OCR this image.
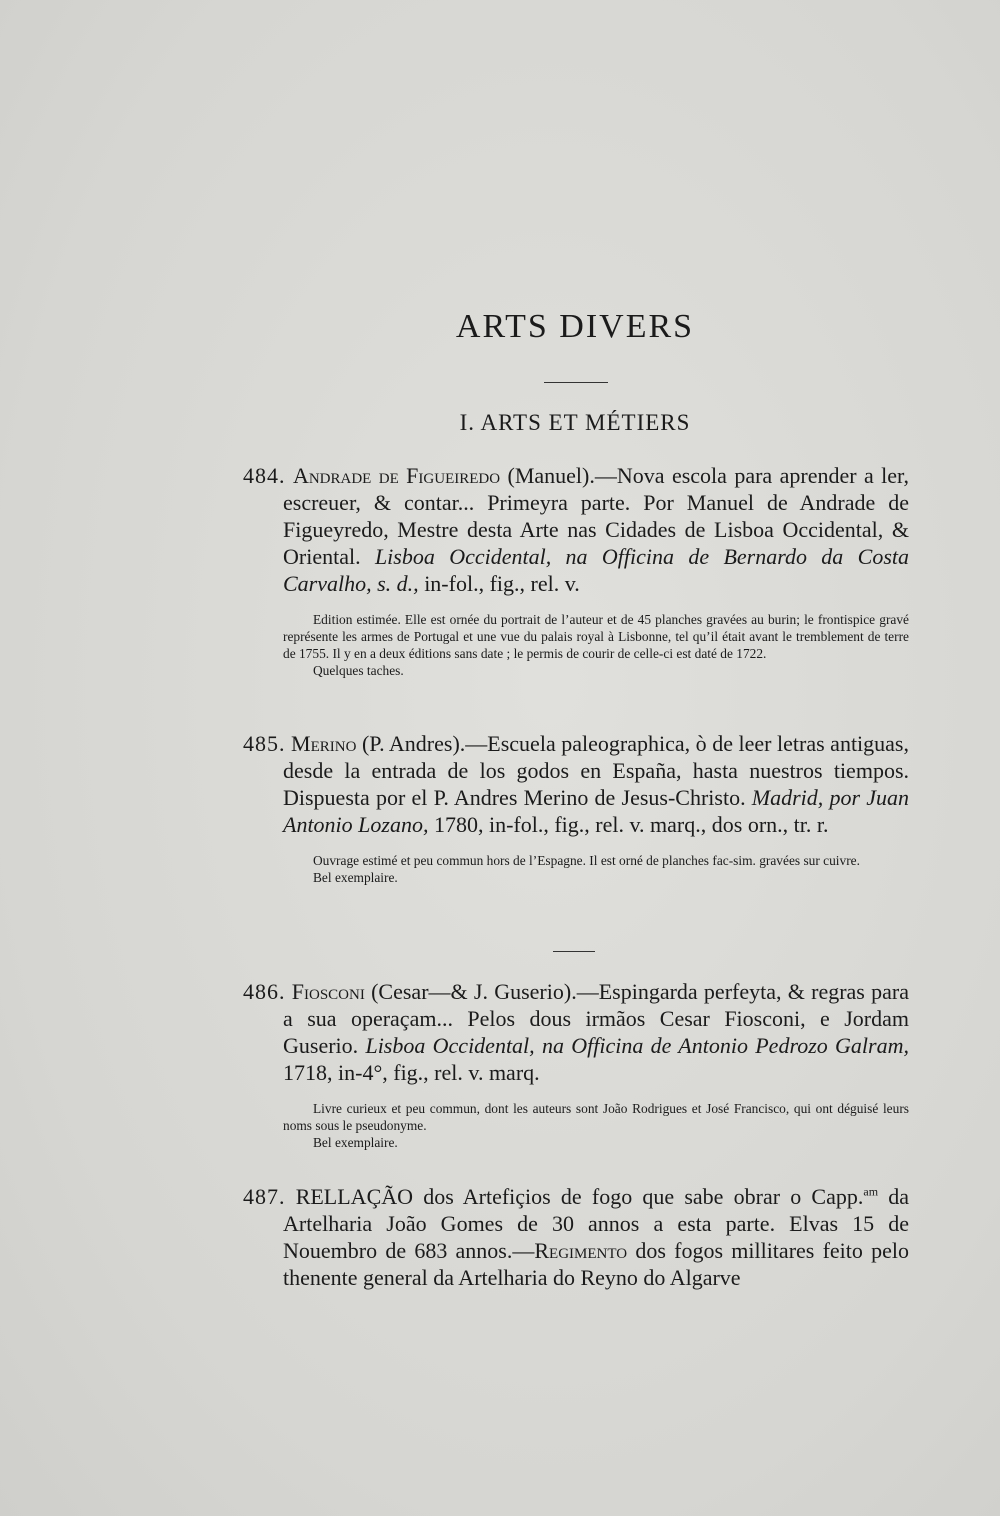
ARTS DIVERS
I. ARTS ET MÉTIERS

484. Andrade de Figueiredo (Manuel).—Nova escola para aprender a ler, escreuer, & contar... Primeyra parte. Por Manuel de Andrade de Figueyredo, Mestre desta Arte nas Cidades de Lisboa Occidental, & Oriental. Lisboa Occidental, na Officina de Bernardo da Costa Carvalho, s. d., in-fol., fig., rel. v.

Edition estimée. Elle est ornée du portrait de l’auteur et de 45 planches gravées au burin; le frontispice gravé représente les armes de Portugal et une vue du palais royal à Lisbonne, tel qu’il était avant le tremblement de terre de 1755. Il y en a deux éditions sans date ; le permis de courir de celle-ci est daté de 1722.

Quelques taches.

485. Merino (P. Andres).—Escuela paleographica, ò de leer letras antiguas, desde la entrada de los godos en España, hasta nuestros tiempos. Dispuesta por el P. Andres Merino de Jesus-Christo. Madrid, por Juan Antonio Lozano, 1780, in-fol., fig., rel. v. marq., dos orn., tr. r.

Ouvrage estimé et peu commun hors de l’Espagne. Il est orné de planches fac-sim. gravées sur cuivre.

Bel exemplaire.

486. Fiosconi (Cesar—& J. Guserio).—Espingarda perfeyta, & regras para a sua operaçam... Pelos dous irmãos Cesar Fiosconi, e Jordam Guserio. Lisboa Occidental, na Officina de Antonio Pedrozo Galram, 1718, in-4°, fig., rel. v. marq.

Livre curieux et peu commun, dont les auteurs sont João Rodrigues et José Francisco, qui ont déguisé leurs noms sous le pseudonyme.

Bel exemplaire.

487. RELLAÇÃO dos Artefiçios de fogo que sabe obrar o Capp.$^{am}$ da Artelharia João Gomes de 30 annos a esta parte. Elvas 15 de Nouembro de 683 annos.—Regimento dos fogos millitares feito pelo thenente general da Artelharia do Reyno do Algarve
